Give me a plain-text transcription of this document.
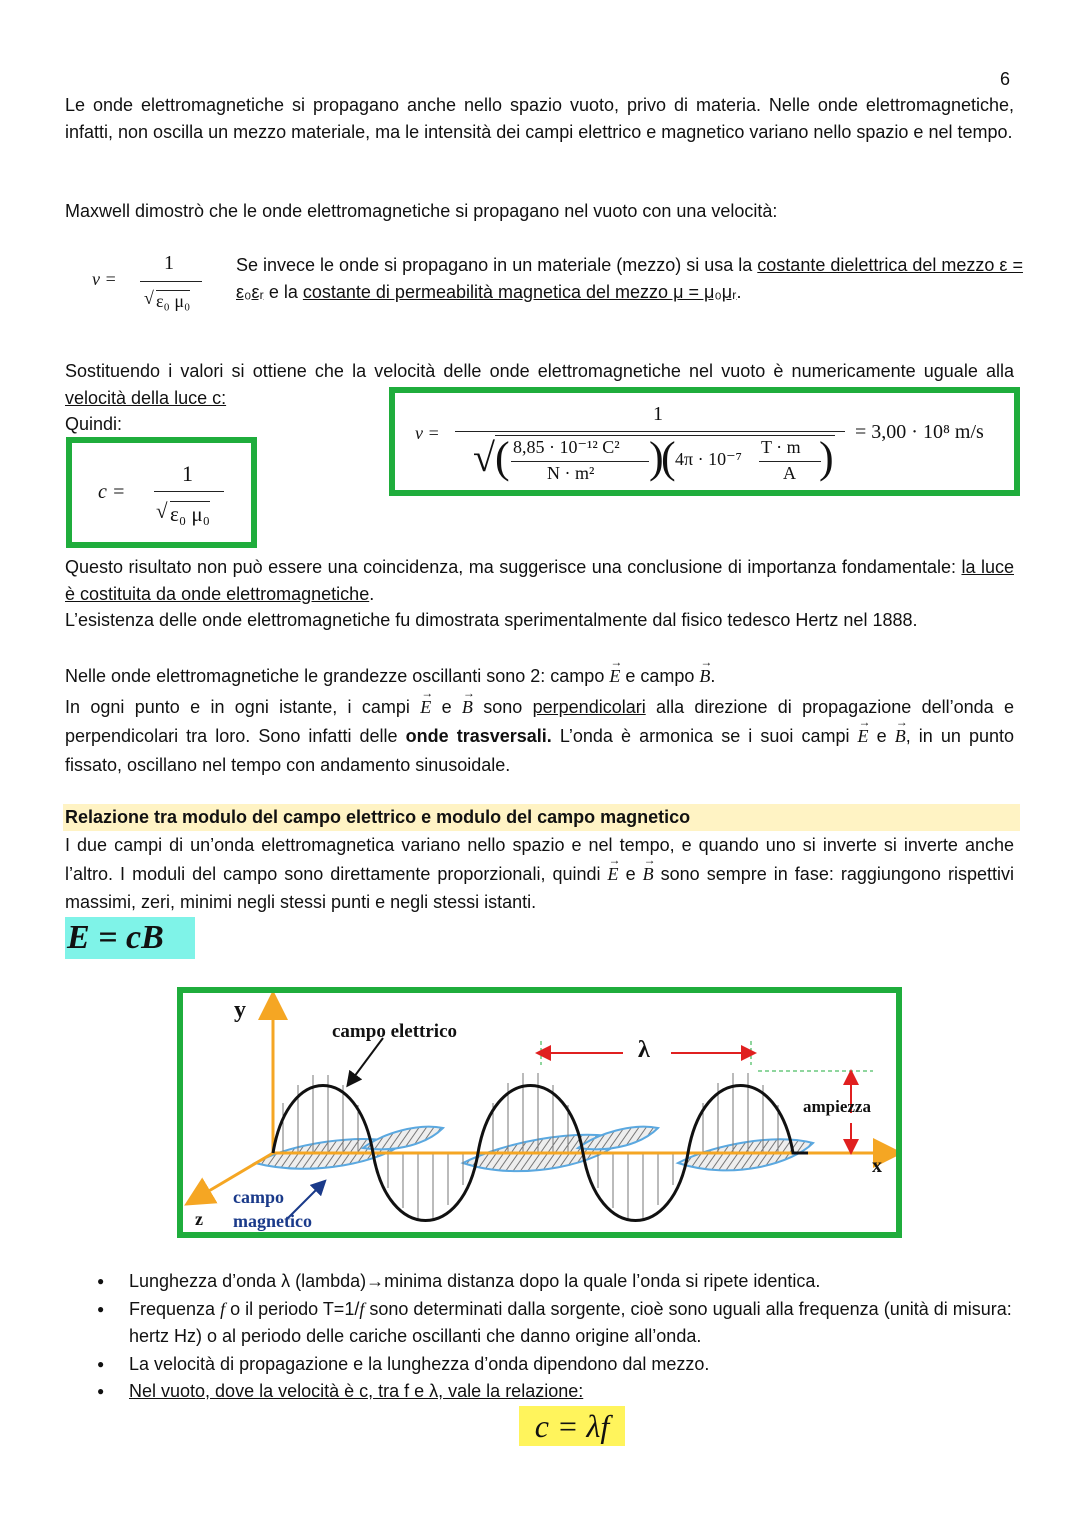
6

Le onde elettromagnetiche si propagano anche nello spazio vuoto, privo di materia. Nelle onde elettromagnetiche, infatti, non oscilla un mezzo materiale, ma le intensità dei campi elettrico e magnetico variano nello spazio e nel tempo.

Maxwell dimostrò che le onde elettromagnetiche si propagano nel vuoto con una velocità:

v =
1
√ ε₀ μ₀

Se invece le onde si propagano in un materiale (mezzo) si usa la costante dielettrica del mezzo ε = ε₀εᵣ e la costante di permeabilità magnetica del mezzo μ = μ₀μᵣ.

Sostituendo i valori si ottiene che la velocità delle onde elettromagnetiche nel vuoto è numericamente uguale alla velocità della luce c:

Quindi:
c =
1
√ ε₀ μ₀
v =
1
√ ( 8,85 · 10⁻¹² C²
N · m² )
( 4π · 10⁻⁷
T · m
A )
= 3,00 · 10⁸ m/s

Questo risultato non può essere una coincidenza, ma suggerisce una conclusione di importanza fondamentale: la luce è costituita da onde elettromagnetiche.

L’esistenza delle onde elettromagnetiche fu dimostrata sperimentalmente dal fisico tedesco Hertz nel 1888.

Nelle onde elettromagnetiche le grandezze oscillanti sono 2: campo → E e campo → B.

In ogni punto e in ogni istante, i campi → E e → B sono perpendicolari alla direzione di propagazione dell’onda e perpendicolari tra loro. Sono infatti delle onde trasversali. L’onda è armonica se i suoi campi → E e → B, in un punto fissato, oscillano nel tempo con andamento sinusoidale.

Relazione tra modulo del campo elettrico e modulo del campo magnetico

I due campi di un’onda elettromagnetica variano nello spazio e nel tempo, e quando uno si inverte si inverte anche l’altro. I moduli del campo sono direttamente proporzionali, quindi → E e → B sono sempre in fase: raggiungono rispettivi massimi, zeri, minimi negli stessi punti e negli stessi istanti.

E = cB
y
x
z
campo elettrico
campo
magnetico
λ
ampiezza
● Lunghezza d’onda λ (lambda)→minima distanza dopo la quale l’onda si ripete identica.
● Frequenza f o il periodo T=1/f sono determinati dalla sorgente, cioè sono uguali alla frequenza (unità di misura: hertz Hz) o al periodo delle cariche oscillanti che danno origine all’onda.
● La velocità di propagazione e la lunghezza d’onda dipendono dal mezzo.
● Nel vuoto, dove la velocità è c, tra f e λ, vale la relazione:
c = λf
